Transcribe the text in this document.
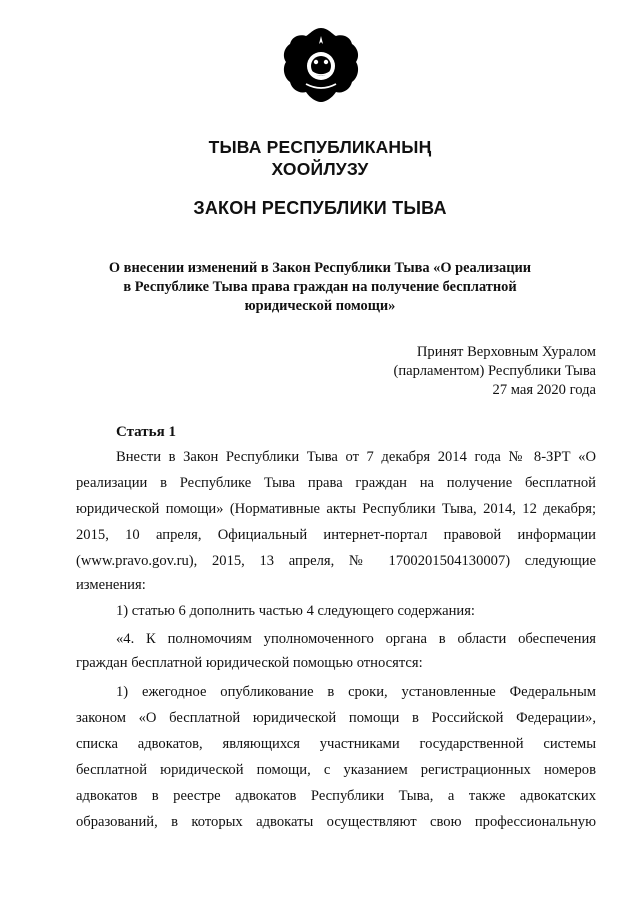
ТЫВА РЕСПУБЛИКАНЫҢ
ХООЙЛУЗУ
ЗАКОН РЕСПУБЛИКИ ТЫВА
О внесении изменений в Закон Республики Тыва «О реализации
в Республике Тыва права граждан на получение бесплатной
юридической помощи»
Принят Верховным Хуралом
(парламентом) Республики Тыва
27 мая 2020 года
Статья 1
Внести в Закон Республики Тыва от 7 декабря 2014 года № 8-ЗРТ «О
реализации в Республике Тыва права граждан на получение бесплатной
юридической помощи» (Нормативные акты Республики Тыва, 2014, 12 декабря;
2015, 10 апреля, Официальный интернет-портал правовой информации
(www.pravo.gov.ru), 2015, 13 апреля, № 1700201504130007) следующие
изменения:
1) статью 6 дополнить частью 4 следующего содержания:
«4. К полномочиям уполномоченного органа в области обеспечения
граждан бесплатной юридической помощью относятся:
1) ежегодное опубликование в сроки, установленные Федеральным
законом «О бесплатной юридической помощи в Российской Федерации»,
списка адвокатов, являющихся участниками государственной системы
бесплатной юридической помощи, с указанием регистрационных номеров
адвокатов в реестре адвокатов Республики Тыва, а также адвокатских
образований, в которых адвокаты осуществляют свою профессиональную
